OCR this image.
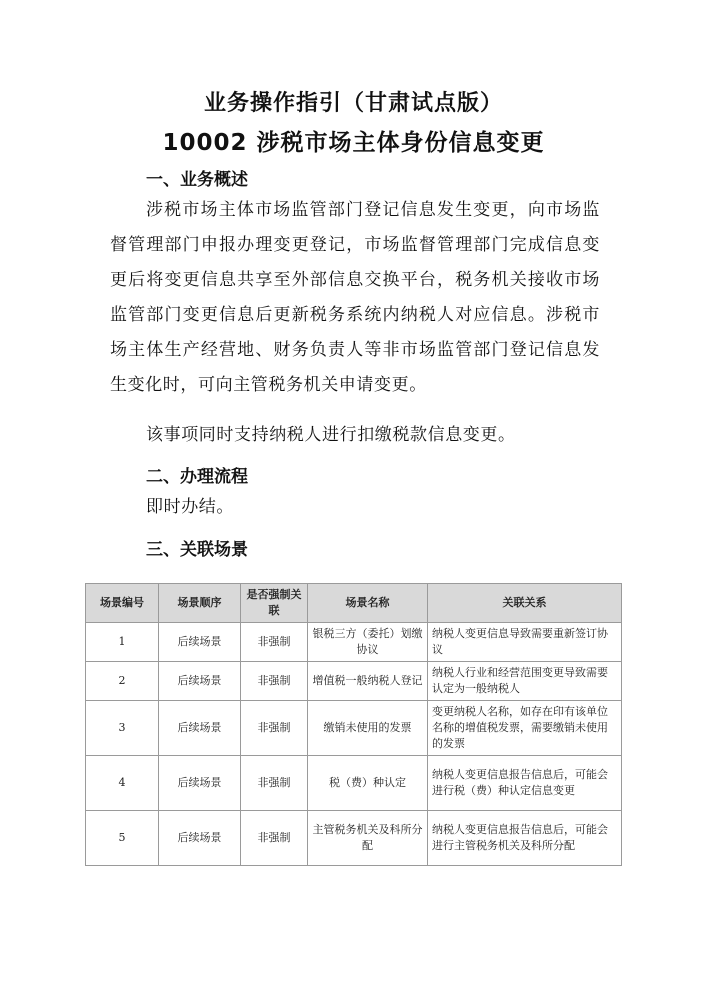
业务操作指引（甘肃试点版）
10002 涉税市场主体身份信息变更
一、业务概述
涉税市场主体市场监管部门登记信息发生变更，向市场监督管理部门申报办理变更登记，市场监督管理部门完成信息变更后将变更信息共享至外部信息交换平台，税务机关接收市场监管部门变更信息后更新税务系统内纳税人对应信息。涉税市场主体生产经营地、财务负责人等非市场监管部门登记信息发生变化时，可向主管税务机关申请变更。
该事项同时支持纳税人进行扣缴税款信息变更。
二、办理流程
即时办结。
三、关联场景
场景编号	场景顺序	是否强制关联	场景名称	关联关系
1	后续场景	非强制	银税三方（委托）划缴协议	纳税人变更信息导致需要重新签订协议
2	后续场景	非强制	增值税一般纳税人登记	纳税人行业和经营范围变更导致需要认定为一般纳税人
3	后续场景	非强制	缴销未使用的发票	变更纳税人名称，如存在印有该单位名称的增值税发票，需要缴销未使用的发票
4	后续场景	非强制	税（费）种认定	纳税人变更信息报告信息后，可能会进行税（费）种认定信息变更
5	后续场景	非强制	主管税务机关及科所分配	纳税人变更信息报告信息后，可能会进行主管税务机关及科所分配
